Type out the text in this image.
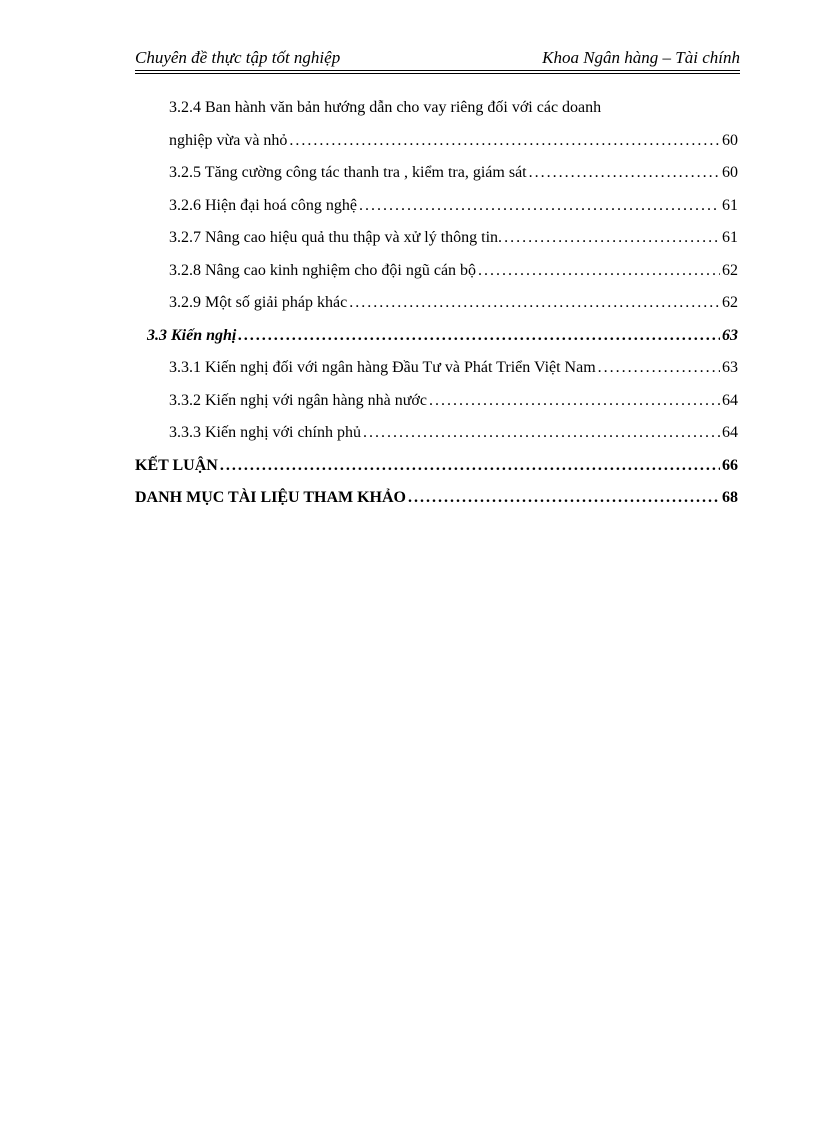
Chuyên đề thực tập tốt nghiệp	Khoa Ngân hàng – Tài chính
3.2.4 Ban hành văn bản hướng dẫn cho vay riêng đối với các doanh
nghiệp vừa và nhỏ . . .	60
3.2.5 Tăng cường công tác thanh tra , kiểm tra, giám sát . . .	60
3.2.6 Hiện đại hoá công nghệ . . .	61
3.2.7 Nâng cao hiệu quả thu thập và xử lý thông tin. . . .	61
3.2.8 Nâng cao kinh nghiệm cho đội ngũ cán bộ . . .	62
3.2.9 Một số giải pháp khác . . .	62
3.3 Kiến nghị . . .	63
3.3.1 Kiến nghị đối với ngân hàng Đầu Tư và Phát Triển Việt Nam . . .	63
3.3.2 Kiến nghị với ngân hàng nhà nước . . .	64
3.3.3 Kiến nghị với chính phủ . . .	64
KẾT LUẬN . . .	66
DANH MỤC TÀI LIỆU THAM KHẢO . . .	68
